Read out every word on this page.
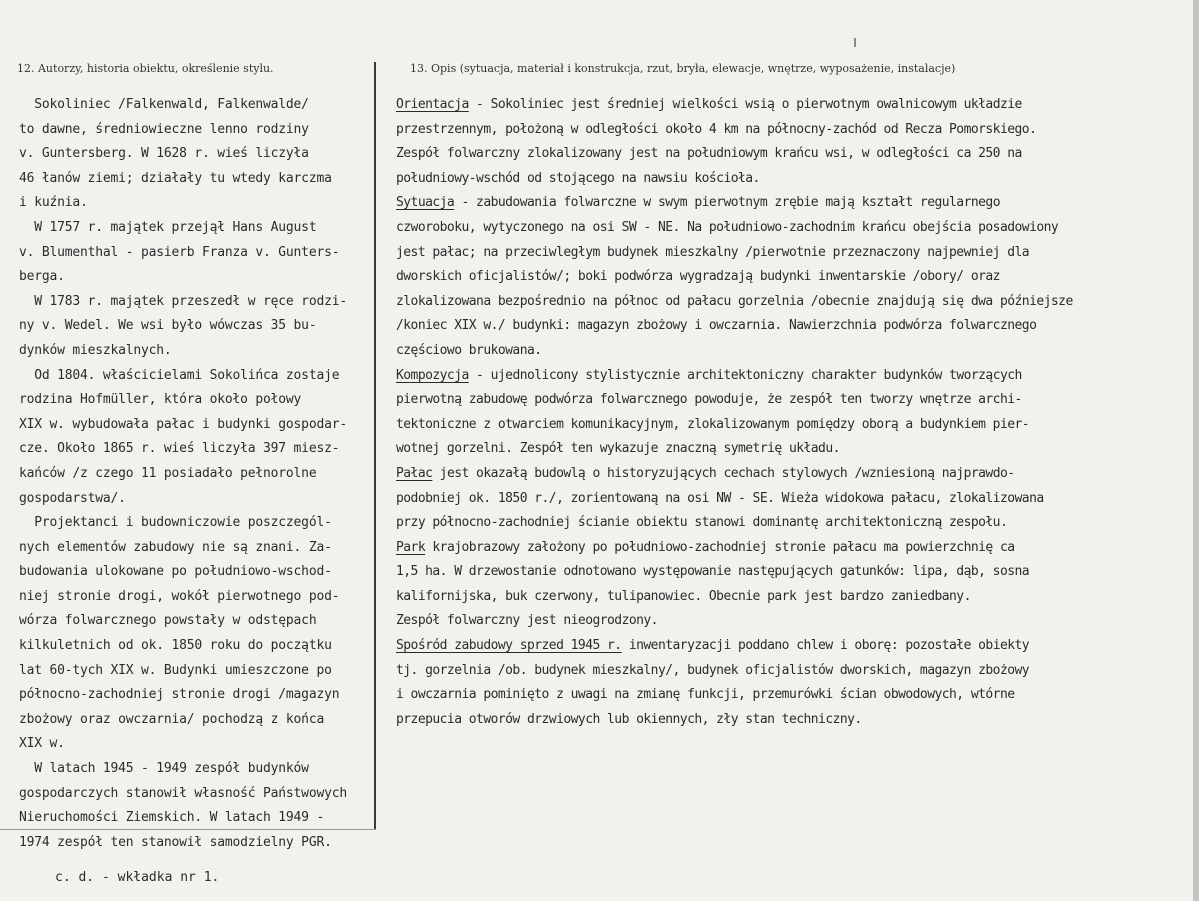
12. Autorzy, historia obiektu, określenie stylu.	13. Opis (sytuacja, materiał i konstrukcja, rzut, bryła, elewacje, wnętrze, wyposażenie, instalacje)
Sokoliniec /Falkenwald, Falkenwalde/
to dawne, średniowieczne lenno rodziny
v. Guntersberg. W 1628 r. wieś liczyła
46 łanów ziemi; działały tu wtedy karczma
i kuźnia.
W 1757 r. majątek przejął Hans August
v. Blumenthal - pasierb Franza v. Gunters-
berga.
W 1783 r. majątek przeszedł w ręce rodzi-
ny v. Wedel. We wsi było wówczas 35 bu-
dynków mieszkalnych.
Od 1804. właścicielami Sokolińca zostaje
rodzina Hofmüller, która około połowy
XIX w. wybudowała pałac i budynki gospodar-
cze. Około 1865 r. wieś liczyła 397 miesz-
kańców /z czego 11 posiadało pełnorolne
gospodarstwa/.
Projektanci i budowniczowie poszczegól-
nych elementów zabudowy nie są znani. Za-
budowania ulokowane po południowo-wschod-
niej stronie drogi, wokół pierwotnego pod-
wórza folwarcznego powstały w odstępach
kilkuletnich od ok. 1850 roku do początku
lat 60-tych XIX w. Budynki umieszczone po
północno-zachodniej stronie drogi /magazyn
zbożowy oraz owczarnia/ pochodzą z końca
XIX w.
W latach 1945 - 1949 zespół budynków
gospodarczych stanowił własność Państwowych
Nieruchomości Ziemskich. W latach 1949 -
1974 zespół ten stanowił samodzielny PGR.
Orientacja - Sokoliniec jest średniej wielkości wsią o pierwotnym owalnicowym układzie
przestrzennym, położoną w odległości około 4 km na północny-zachód od Recza Pomorskiego.
Zespół folwarczny zlokalizowany jest na południowym krańcu wsi, w odległości ca 250 na
południowy-wschód od stojącego na nawsiu kościoła.
Sytuacja - zabudowania folwarczne w swym pierwotnym zrębie mają kształt regularnego
czworoboku, wytyczonego na osi SW - NE. Na południowo-zachodnim krańcu obejścia posadowiony
jest pałac; na przeciwległym budynek mieszkalny /pierwotnie przeznaczony najpewniej dla
dworskich oficjalistów/; boki podwórza wygradzają budynki inwentarskie /obory/ oraz
zlokalizowana bezpośrednio na północ od pałacu gorzelnia /obecnie znajdują się dwa późniejsze
/koniec XIX w./ budynki: magazyn zbożowy i owczarnia. Nawierzchnia podwórza folwarcznego
częściowo brukowana.
Kompozycja - ujednolicony stylistycznie architektoniczny charakter budynków tworzących
pierwotną zabudowę podwórza folwarcznego powoduje, że zespół ten tworzy wnętrze archi-
tektoniczne z otwarciem komunikacyjnym, zlokalizowanym pomiędzy oborą a budynkiem pier-
wotnej gorzelni. Zespół ten wykazuje znaczną symetrię układu.
Pałac jest okazałą budowlą o historyzujących cechach stylowych /wzniesioną najprawdo-
podobniej ok. 1850 r./, zorientowaną na osi NW - SE. Wieża widokowa pałacu, zlokalizowana
przy północno-zachodniej ścianie obiektu stanowi dominantę architektoniczną zespołu.
Park krajobrazowy założony po południowo-zachodniej stronie pałacu ma powierzchnię ca
1,5 ha. W drzewostanie odnotowano występowanie następujących gatunków: lipa, dąb, sosna
kalifornijska, buk czerwony, tulipanowiec. Obecnie park jest bardzo zaniedbany.
Zespół folwarczny jest nieogrodzony.
Spośród zabudowy sprzed 1945 r. inwentaryzacji poddano chlew i oborę: pozostałe obiekty
tj. gorzelnia /ob. budynek mieszkalny/, budynek oficjalistów dworskich, magazyn zbożowy
i owczarnia pominięto z uwagi na zmianę funkcji, przemurówki ścian obwodowych, wtórne
przepucia otworów drzwiowych lub okiennych, zły stan techniczny.
c. d. - wkładka nr 1.
